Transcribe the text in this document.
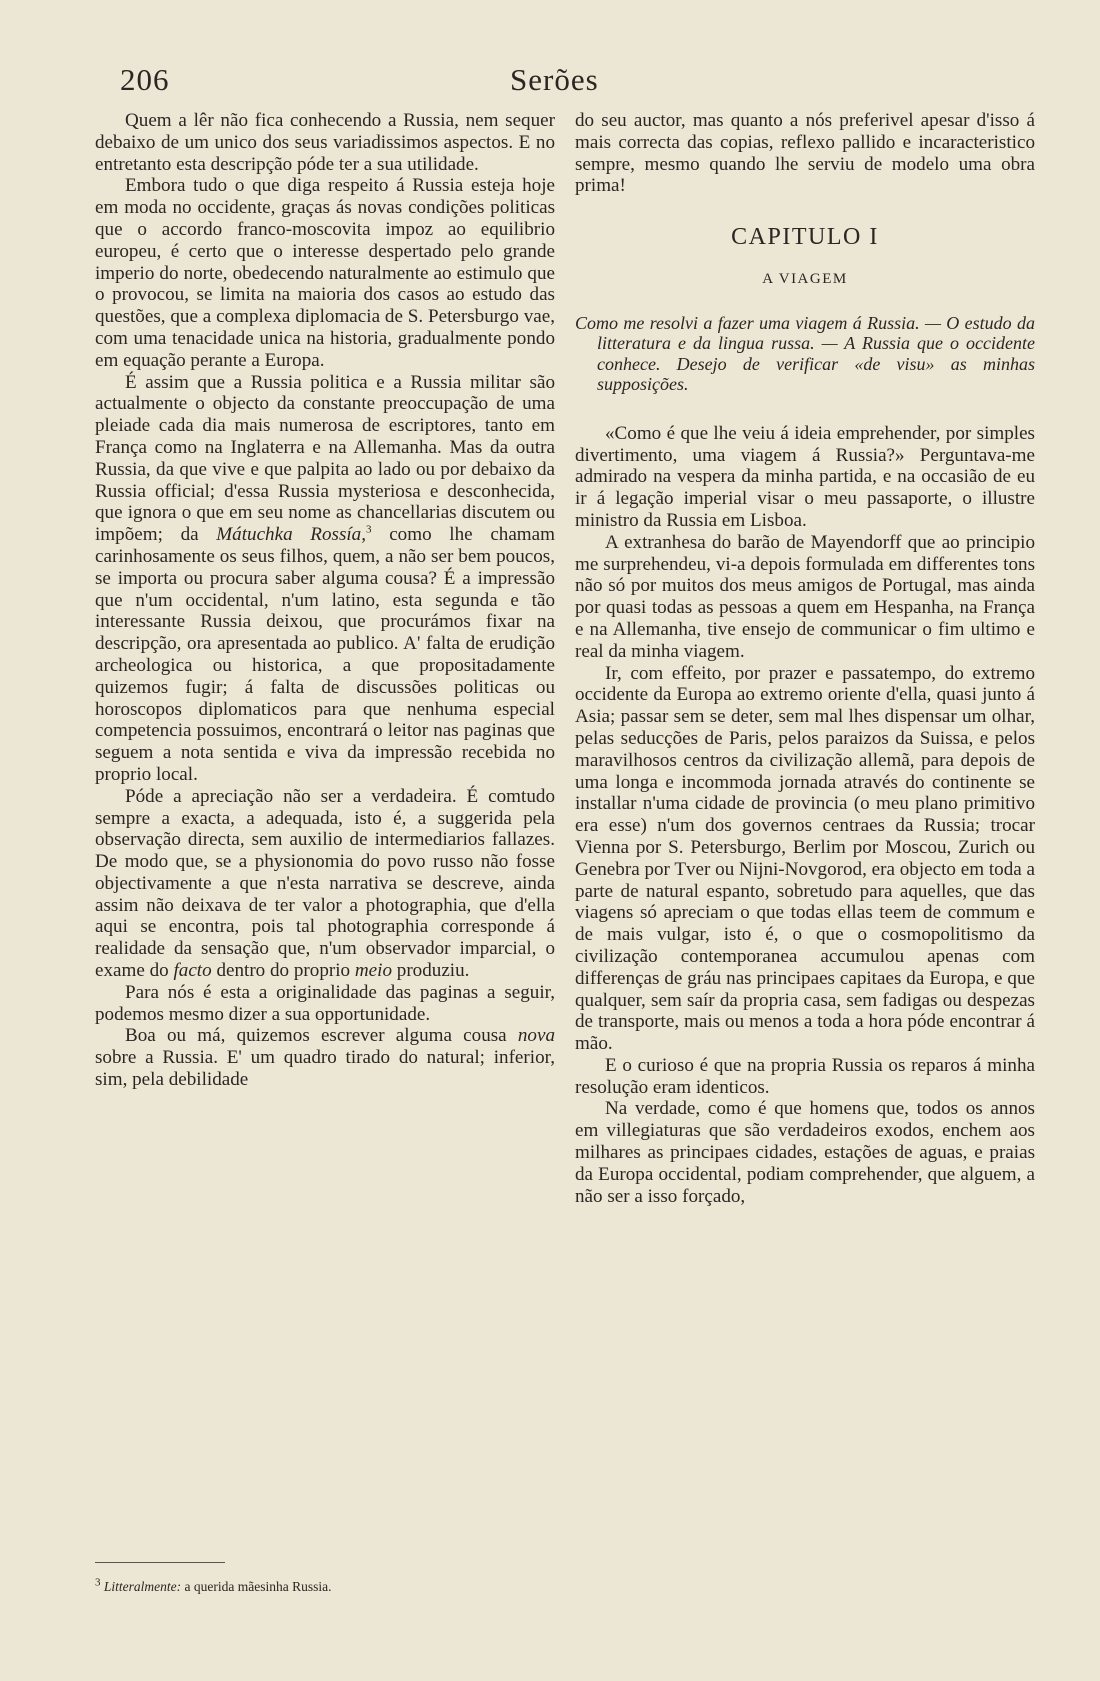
206	Serões

Quem a lêr não fica conhecendo a Russia, nem sequer debaixo de um unico dos seus variadissimos aspectos. E no entretanto esta descripção póde ter a sua utilidade.

Embora tudo o que diga respeito á Russia esteja hoje em moda no occidente, graças ás novas condições politicas que o accordo franco-moscovita impoz ao equilibrio europeu, é certo que o interesse despertado pelo grande imperio do norte, obedecendo naturalmente ao estimulo que o provocou, se limita na maioria dos casos ao estudo das questões, que a complexa diplomacia de S. Petersburgo vae, com uma tenacidade unica na historia, gradualmente pondo em equação perante a Europa.

É assim que a Russia politica e a Russia militar são actualmente o objecto da constante preoccupação de uma pleiade cada dia mais numerosa de escriptores, tanto em França como na Inglaterra e na Allemanha. Mas da outra Russia, da que vive e que palpita ao lado ou por debaixo da Russia official; d'essa Russia mysteriosa e desconhecida, que ignora o que em seu nome as chancellarias discutem ou impõem; da Mátuchka Rossía,$^3$ como lhe chamam carinhosamente os seus filhos, quem, a não ser bem poucos, se importa ou procura saber alguma cousa? É a impressão que n'um occidental, n'um latino, esta segunda e tão interessante Russia deixou, que procurámos fixar na descripção, ora apresentada ao publico. A' falta de erudição archeologica ou historica, a que propositadamente quizemos fugir; á falta de discussões politicas ou horoscopos diplomaticos para que nenhuma especial competencia possuimos, encontrará o leitor nas paginas que seguem a nota sentida e viva da impressão recebida no proprio local.

Póde a apreciação não ser a verdadeira. É comtudo sempre a exacta, a adequada, isto é, a suggerida pela observação directa, sem auxilio de intermediarios fallazes. De modo que, se a physionomia do povo russo não fosse objectivamente a que n'esta narrativa se descreve, ainda assim não deixava de ter valor a photographia, que d'ella aqui se encontra, pois tal photographia corresponde á realidade da sensação que, n'um observador imparcial, o exame do facto dentro do proprio meio produziu.

Para nós é esta a originalidade das paginas a seguir, podemos mesmo dizer a sua opportunidade.

Boa ou má, quizemos escrever alguma cousa nova sobre a Russia. E' um quadro tirado do natural; inferior, sim, pela debilidade

do seu auctor, mas quanto a nós preferivel apesar d'isso á mais correcta das copias, reflexo pallido e incaracteristico sempre, mesmo quando lhe serviu de modelo uma obra prima!

CAPITULO I
A VIAGEM
Como me resolvi a fazer uma viagem á Russia. — O estudo da litteratura e da lingua russa. — A Russia que o occidente conhece. Desejo de verificar «de visu» as minhas supposições.

«Como é que lhe veiu á ideia emprehender, por simples divertimento, uma viagem á Russia?» Perguntava-me admirado na vespera da minha partida, e na occasião de eu ir á legação imperial visar o meu passaporte, o illustre ministro da Russia em Lisboa.

A extranhesa do barão de Mayendorff que ao principio me surprehendeu, vi-a depois formulada em differentes tons não só por muitos dos meus amigos de Portugal, mas ainda por quasi todas as pessoas a quem em Hespanha, na França e na Allemanha, tive ensejo de communicar o fim ultimo e real da minha viagem.

Ir, com effeito, por prazer e passatempo, do extremo occidente da Europa ao extremo oriente d'ella, quasi junto á Asia; passar sem se deter, sem mal lhes dispensar um olhar, pelas seducções de Paris, pelos paraizos da Suissa, e pelos maravilhosos centros da civilização allemã, para depois de uma longa e incommoda jornada através do continente se installar n'uma cidade de provincia (o meu plano primitivo era esse) n'um dos governos centraes da Russia; trocar Vienna por S. Petersburgo, Berlim por Moscou, Zurich ou Genebra por Tver ou Nijni-Novgorod, era objecto em toda a parte de natural espanto, sobretudo para aquelles, que das viagens só apreciam o que todas ellas teem de commum e de mais vulgar, isto é, o que o cosmopolitismo da civilização contemporanea accumulou apenas com differenças de gráu nas principaes capitaes da Europa, e que qualquer, sem saír da propria casa, sem fadigas ou despezas de transporte, mais ou menos a toda a hora póde encontrar á mão.

E o curioso é que na propria Russia os reparos á minha resolução eram identicos.

Na verdade, como é que homens que, todos os annos em villegiaturas que são verdadeiros exodos, enchem aos milhares as principaes cidades, estações de aguas, e praias da Europa occidental, podiam comprehender, que alguem, a não ser a isso forçado,

$^3$ Litteralmente: a querida mãesinha Russia.
